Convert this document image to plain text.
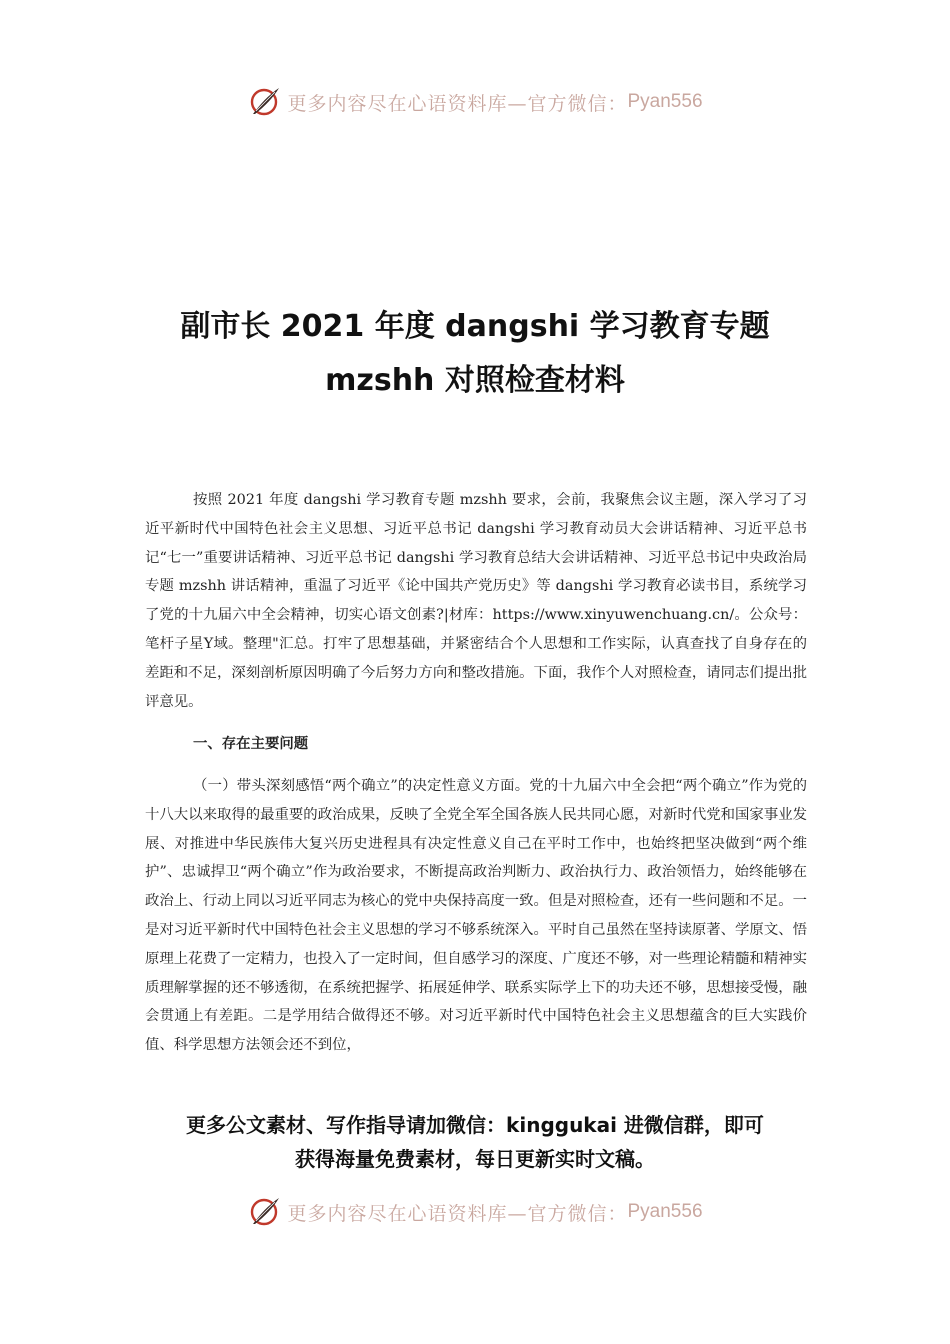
更多内容尽在心语资料库—官方微信： Pyan556
副市长 2021 年度 dangshi 学习教育专题
mzshh 对照检查材料
按照 2021 年度 dangshi 学习教育专题 mzshh 要求，会前，我聚焦会议主题，深入学习了习近平新时代中国特色社会主义思想、习近平总书记 dangshi 学习教育动员大会讲话精神、习近平总书记“七一”重要讲话精神、习近平总书记 dangshi 学习教育总结大会讲话精神、习近平总书记中央政治局专题 mzshh 讲话精神，重温了习近平《论中国共产党历史》等 dangshi 学习教育必读书目，系统学习了党的十九届六中全会精神，切实心语文创素?|材库：https://www.xinyuwenchuang.cn/。公众号：笔杆子星Y域。整理"汇总。打牢了思想基础，并紧密结合个人思想和工作实际，认真查找了自身存在的差距和不足，深刻剖析原因明确了今后努力方向和整改措施。下面，我作个人对照检查，请同志们提出批评意见。
一、存在主要问题
（一）带头深刻感悟“两个确立”的决定性意义方面。党的十九届六中全会把“两个确立”作为党的十八大以来取得的最重要的政治成果，反映了全党全军全国各族人民共同心愿，对新时代党和国家事业发展、对推进中华民族伟大复兴历史进程具有决定性意义自己在平时工作中，也始终把坚决做到“两个维护”、忠诚捍卫“两个确立”作为政治要求，不断提高政治判断力、政治执行力、政治领悟力，始终能够在政治上、行动上同以习近平同志为核心的党中央保持高度一致。但是对照检查，还有一些问题和不足。一是对习近平新时代中国特色社会主义思想的学习不够系统深入。平时自己虽然在坚持读原著、学原文、悟原理上花费了一定精力，也投入了一定时间，但自感学习的深度、广度还不够，对一些理论精髓和精神实质理解掌握的还不够透彻，在系统把握学、拓展延伸学、联系实际学上下的功夫还不够，思想接受慢，融会贯通上有差距。二是学用结合做得还不够。对习近平新时代中国特色社会主义思想蕴含的巨大实践价值、科学思想方法领会还不到位，
更多公文素材、写作指导请加微信：kinggukai 进微信群，即可
获得海量免费素材，每日更新实时文稿。
更多内容尽在心语资料库—官方微信： Pyan556
